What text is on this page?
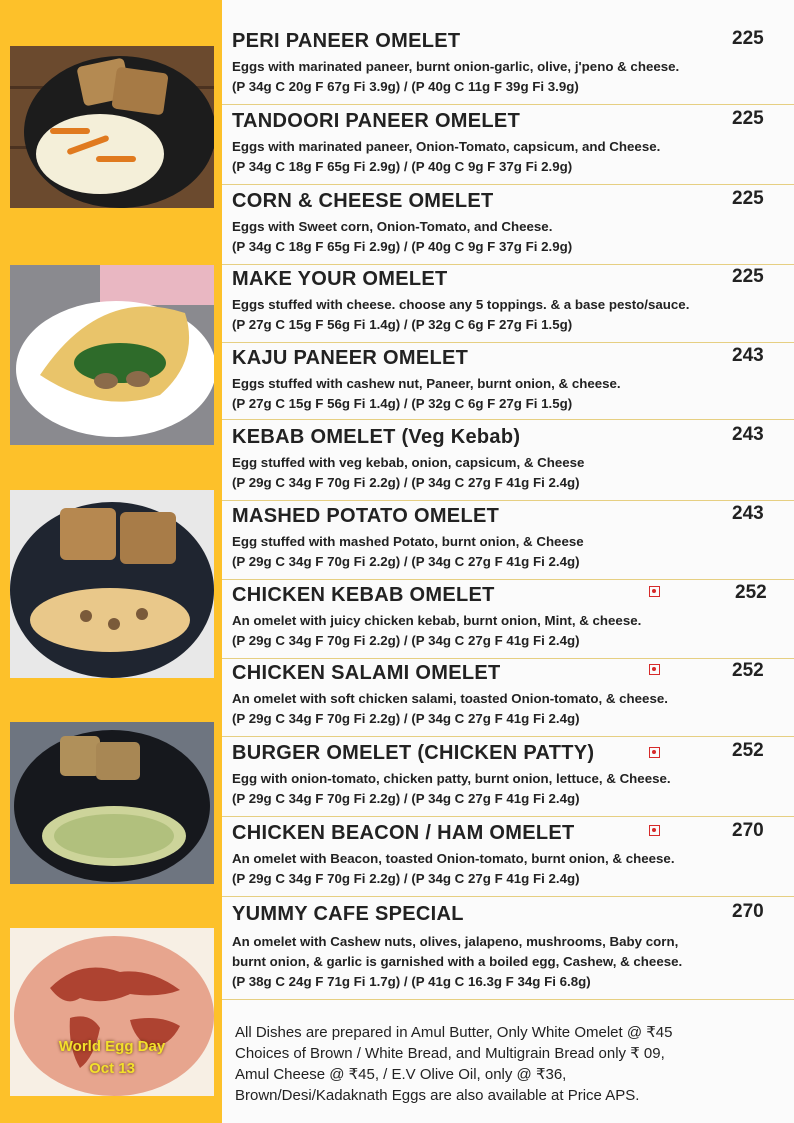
World Egg Day
Oct 13
PERI PANEER OMELET	225
Eggs with marinated paneer, burnt onion-garlic, olive, j'peno & cheese.
(P 34g C 20g F 67g Fi 3.9g) / (P 40g C 11g F 39g Fi 3.9g)
TANDOORI PANEER OMELET	225
Eggs with marinated paneer, Onion-Tomato, capsicum, and Cheese.
(P 34g C 18g F 65g Fi 2.9g) / (P 40g C 9g F 37g Fi 2.9g)
CORN & CHEESE OMELET	225
Eggs with Sweet corn, Onion-Tomato, and Cheese.
(P 34g C 18g F 65g Fi 2.9g) / (P 40g C 9g F 37g Fi 2.9g)
MAKE YOUR OMELET	225
Eggs stuffed with cheese. choose any 5 toppings. & a base pesto/sauce.
(P 27g C 15g F 56g Fi 1.4g) / (P 32g C 6g F 27g Fi 1.5g)
KAJU PANEER OMELET	243
Eggs stuffed with cashew nut, Paneer, burnt onion, & cheese.
(P 27g C 15g F 56g Fi 1.4g) / (P 32g C 6g F 27g Fi 1.5g)
KEBAB OMELET (Veg Kebab)	243
Egg stuffed with veg kebab, onion, capsicum, & Cheese
(P 29g C 34g F 70g Fi 2.2g) / (P 34g C 27g F 41g Fi 2.4g)
MASHED POTATO OMELET	243
Egg stuffed with mashed Potato, burnt onion, & Cheese
(P 29g C 34g F 70g Fi 2.2g) / (P 34g C 27g F 41g Fi 2.4g)
CHICKEN KEBAB OMELET	252
An omelet with juicy chicken kebab, burnt onion, Mint, & cheese.
(P 29g C 34g F 70g Fi 2.2g) / (P 34g C 27g F 41g Fi 2.4g)
CHICKEN SALAMI OMELET	252
An omelet with soft chicken salami, toasted Onion-tomato, & cheese.
(P 29g C 34g F 70g Fi 2.2g) / (P 34g C 27g F 41g Fi 2.4g)
BURGER OMELET (CHICKEN PATTY)	252
Egg with onion-tomato, chicken patty, burnt onion, lettuce, & Cheese.
(P 29g C 34g F 70g Fi 2.2g) / (P 34g C 27g F 41g Fi 2.4g)
CHICKEN BEACON / HAM OMELET	270
An omelet with Beacon, toasted Onion-tomato, burnt onion, & cheese.
(P 29g C 34g F 70g Fi 2.2g) / (P 34g C 27g F 41g Fi 2.4g)
YUMMY CAFE SPECIAL	270
An omelet with Cashew nuts, olives, jalapeno, mushrooms, Baby corn,
burnt onion, & garlic is garnished with a boiled egg, Cashew, & cheese.
(P 38g C 24g F 71g Fi 1.7g) / (P 41g C 16.3g F 34g Fi 6.8g)
All Dishes are prepared in Amul Butter, Only White Omelet @ ₹45
Choices of Brown / White Bread, and Multigrain Bread only ₹ 09,
Amul Cheese @ ₹45, / E.V Olive Oil, only @ ₹36,
Brown/Desi/Kadaknath Eggs are also available at Price APS.
